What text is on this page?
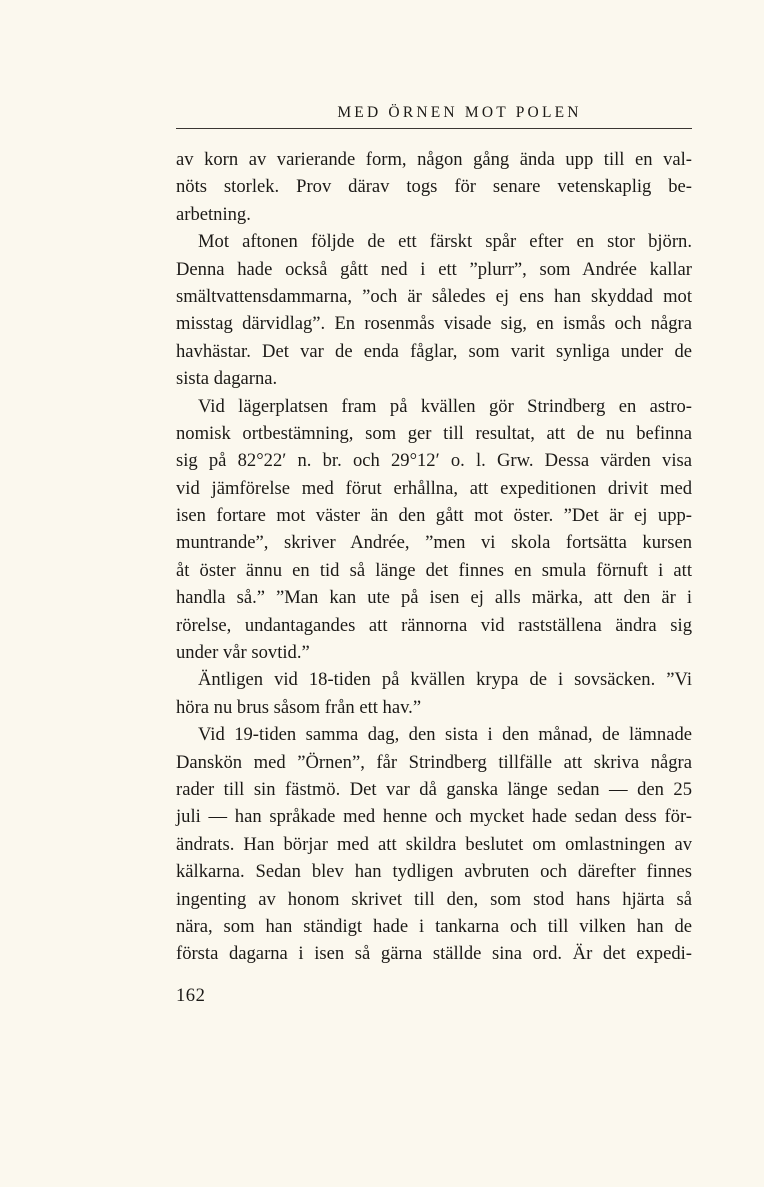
MED ÖRNEN MOT POLEN
av korn av varierande form, någon gång ända upp till en val-
nöts storlek. Prov därav togs för senare vetenskaplig be-
arbetning.
Mot aftonen följde de ett färskt spår efter en stor björn.
Denna hade också gått ned i ett ”plurr”, som Andrée kallar
smältvattensdammarna, ”och är således ej ens han skyddad mot
misstag därvidlag”. En rosenmås visade sig, en ismås och några
havhästar. Det var de enda fåglar, som varit synliga under de
sista dagarna.
Vid lägerplatsen fram på kvällen gör Strindberg en astro-
nomisk ortbestämning, som ger till resultat, att de nu befinna
sig på 82°22′ n. br. och 29°12′ o. l. Grw. Dessa värden visa
vid jämförelse med förut erhållna, att expeditionen drivit med
isen fortare mot väster än den gått mot öster. ”Det är ej upp-
muntrande”, skriver Andrée, ”men vi skola fortsätta kursen
åt öster ännu en tid så länge det finnes en smula förnuft i att
handla så.” ”Man kan ute på isen ej alls märka, att den är i
rörelse, undantagandes att rännorna vid rastställena ändra sig
under vår sovtid.”
Äntligen vid 18-tiden på kvällen krypa de i sovsäcken. ”Vi
höra nu brus såsom från ett hav.”
Vid 19-tiden samma dag, den sista i den månad, de lämnade
Danskön med ”Örnen”, får Strindberg tillfälle att skriva några
rader till sin fästmö. Det var då ganska länge sedan — den 25
juli — han språkade med henne och mycket hade sedan dess för-
ändrats. Han börjar med att skildra beslutet om omlastningen av
kälkarna. Sedan blev han tydligen avbruten och därefter finnes
ingenting av honom skrivet till den, som stod hans hjärta så
nära, som han ständigt hade i tankarna och till vilken han de
första dagarna i isen så gärna ställde sina ord. Är det expedi-
162
